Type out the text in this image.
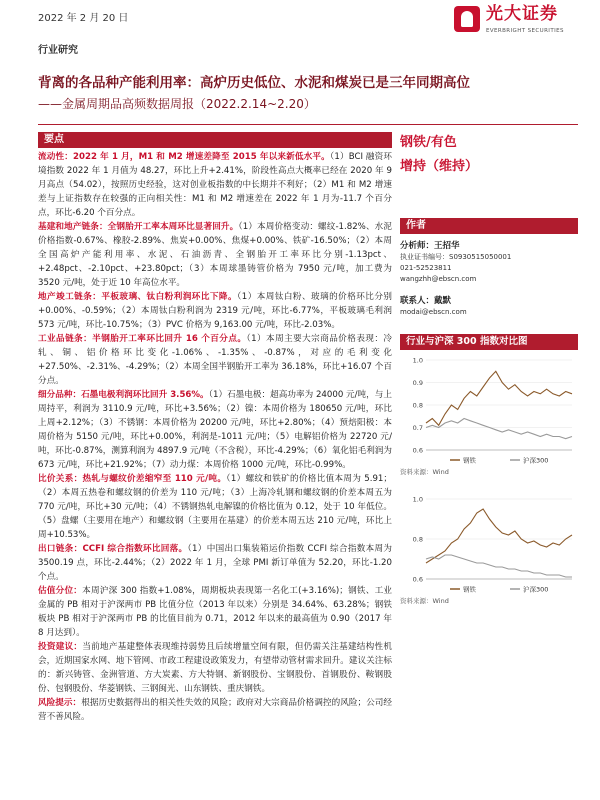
2022 年 2 月 20 日	光大证券
EVERBRIGHT SECURITIES
行业研究
背离的各品种产能利用率：高炉历史低位、水泥和煤炭已是三年同期高位
——金属周期品高频数据周报（2022.2.14~2.20）
要点
流动性：2022 年 1 月，M1 和 M2 增速差降至 2015 年以来新低水平。（1）BCI 融资环境指数 2022 年 1 月值为 48.27，环比上升+2.41%，阶段性高点大概率已经在 2020 年 9 月高点（54.02），按照历史经验，这对创业板指数的中长期并不利好；（2）M1 和 M2 增速差与上证指数存在较强的正向相关性：M1 和 M2 增速差在 2022 年 1 月为-11.7 个百分点，环比-6.20 个百分点。
基建和地产链条：全钢胎开工率本周环比显著回升。（1）本周价格变动：螺纹-1.82%、水泥价格指数-0.67%、橡胶-2.89%、焦炭+0.00%、焦煤+0.00%、铁矿-16.50%；（2）本周全国高炉产能利用率、水泥、石油沥青、全钢胎开工率环比分别-1.13pct、+2.48pct、-2.10pct、+23.80pct；（3）本周球墨铸管价格为 7950 元/吨，加工费为 3520 元/吨，处于近 10 年高位水平。
地产竣工链条：平板玻璃、钛白粉利润环比下降。（1）本周钛白粉、玻璃的价格环比分别+0.00%、-0.59%；（2）本周钛白粉利润为 2319 元/吨，环比-6.77%，平板玻璃毛利润 573 元/吨，环比-10.75%；（3）PVC 价格为 9,163.00 元/吨，环比-2.03%。
工业品链条：半钢胎开工率环比回升 16 个百分点。（1）本周主要大宗商品价格表现：冷轧、铜、铝价格环比变化-1.06%、-1.35%、-0.87%，对应的毛利变化+27.50%、-2.31%、-4.29%；（2）本周全国半钢胎开工率为 36.18%，环比+16.07 个百分点。
细分品种：石墨电极利润环比回升 3.56%。（1）石墨电极：超高功率为 24000 元/吨，与上周持平，利润为 3110.9 元/吨，环比+3.56%；（2）镍：本周价格为 180650 元/吨，环比上周+2.12%；（3）不锈钢：本周价格为 20200 元/吨，环比+2.80%；（4）预焙阳极：本周价格为 5150 元/吨，环比+0.00%，利润是-1011 元/吨；（5）电解铝价格为 22720 元/吨，环比-0.87%，测算利润为 4897.9 元/吨（不含税），环比-4.29%；（6）氧化铝毛利润为 673 元/吨，环比+21.92%；（7）动力煤：本周价格 1000 元/吨，环比-0.99%。
比价关系：热轧与螺纹价差缩窄至 110 元/吨。（1）螺纹和铁矿的价格比值本周为 5.91；（2）本周五热卷和螺纹钢的价差为 110 元/吨；（3）上海冷轧钢和螺纹钢的价差本周五为 770 元/吨，环比+30 元/吨；（4）不锈钢热轧电解镍的价格比值为 0.12，处于 10 年低位。（5）盘螺（主要用在地产）和螺纹钢（主要用在基建）的价差本周五达 210 元/吨，环比上周+10.53%。
出口链条：CCFI 综合指数环比回落。（1）中国出口集装箱运价指数 CCFI 综合指数本周为 3500.19 点，环比-2.44%；（2）2022 年 1 月，全球 PMI 新订单值为 52.20，环比-1.20 个点。
估值分位：本周沪深 300 指数+1.08%，周期板块表现第一名化工(+3.16%)；钢铁、工业金属的 PB 相对于沪深两市 PB 比值分位（2013 年以来）分别是 34.64%、63.28%；钢铁板块 PB 相对于沪深两市 PB 的比值目前为 0.71，2012 年以来的最高值为 0.90（2017 年 8 月达到）。
投资建议：当前地产基建整体表现维持弱势且后续增量空间有限，但仍需关注基建结构性机会，近期国家水网、地下管网、市政工程建设政策发力，有望带动管材需求回升。建议关注标的：新兴铸管、金洲管道、方大炭素、方大特钢、新钢股份、宝钢股份、首钢股份、鞍钢股份、包钢股份、华菱钢铁、三钢闽光、山东钢铁、重庆钢铁。
风险提示：根据历史数据得出的相关性失效的风险；政府对大宗商品价格调控的风险；公司经营不善风险。
钢铁/有色
增持（维持）
作者
分析师：王招华
执业证书编号：S0930515050001
021-52523811
wangzhh@ebscn.com
联系人：戴默
modai@ebscn.com
行业与沪深 300 指数对比图
1.0
0.9
0.8
0.7
0.6
钢铁	沪深300
资料来源：Wind
1.0
0.8
0.6
钢铁	沪深300
资料来源：Wind
